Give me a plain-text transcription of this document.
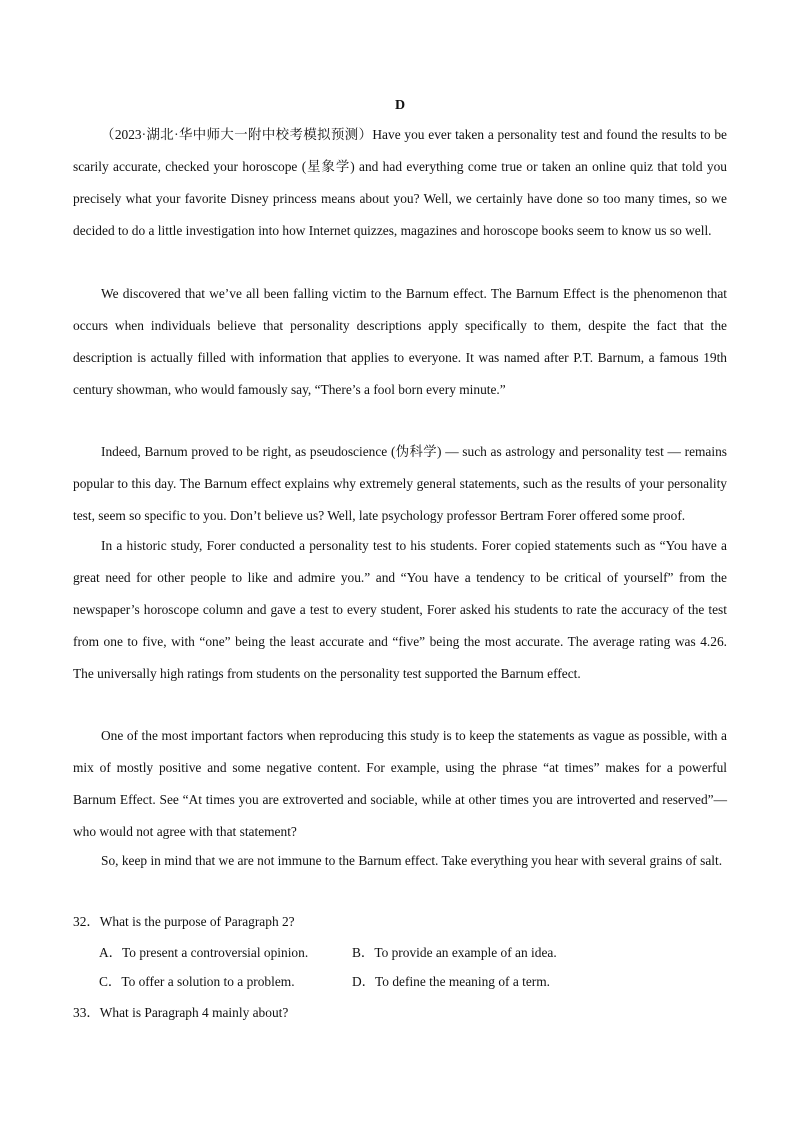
D

（2023·湖北·华中师大一附中校考模拟预测）Have you ever taken a personality test and found the results to be scarily accurate, checked your horoscope (星象学) and had everything come true or taken an online quiz that told you precisely what your favorite Disney princess means about you? Well, we certainly have done so too many times, so we decided to do a little investigation into how Internet quizzes, magazines and horoscope books seem to know us so well.

We discovered that we’ve all been falling victim to the Barnum effect. The Barnum Effect is the phenomenon that occurs when individuals believe that personality descriptions apply specifically to them, despite the fact that the description is actually filled with information that applies to everyone. It was named after P.T. Barnum, a famous 19th century showman, who would famously say, “There’s a fool born every minute.”

Indeed, Barnum proved to be right, as pseudoscience (伪科学) — such as astrology and personality test — remains popular to this day. The Barnum effect explains why extremely general statements, such as the results of your personality test, seem so specific to you. Don’t believe us? Well, late psychology professor Bertram Forer offered some proof.

In a historic study, Forer conducted a personality test to his students. Forer copied statements such as “You have a great need for other people to like and admire you.” and “You have a tendency to be critical of yourself” from the newspaper’s horoscope column and gave a test to every student, Forer asked his students to rate the accuracy of the test from one to five, with “one” being the least accurate and “five” being the most accurate. The average rating was 4.26. The universally high ratings from students on the personality test supported the Barnum effect.

One of the most important factors when reproducing this study is to keep the statements as vague as possible, with a mix of mostly positive and some negative content. For example, using the phrase “at times” makes for a powerful Barnum Effect. See “At times you are extroverted and sociable, while at other times you are introverted and reserved”— who would not agree with that statement?

So, keep in mind that we are not immune to the Barnum effect. Take everything you hear with several grains of salt.

32．What is the purpose of Paragraph 2?

A．To present a controversial opinion.	B．To provide an example of an idea.

C．To offer a solution to a problem.	D．To define the meaning of a term.

33．What is Paragraph 4 mainly about?
